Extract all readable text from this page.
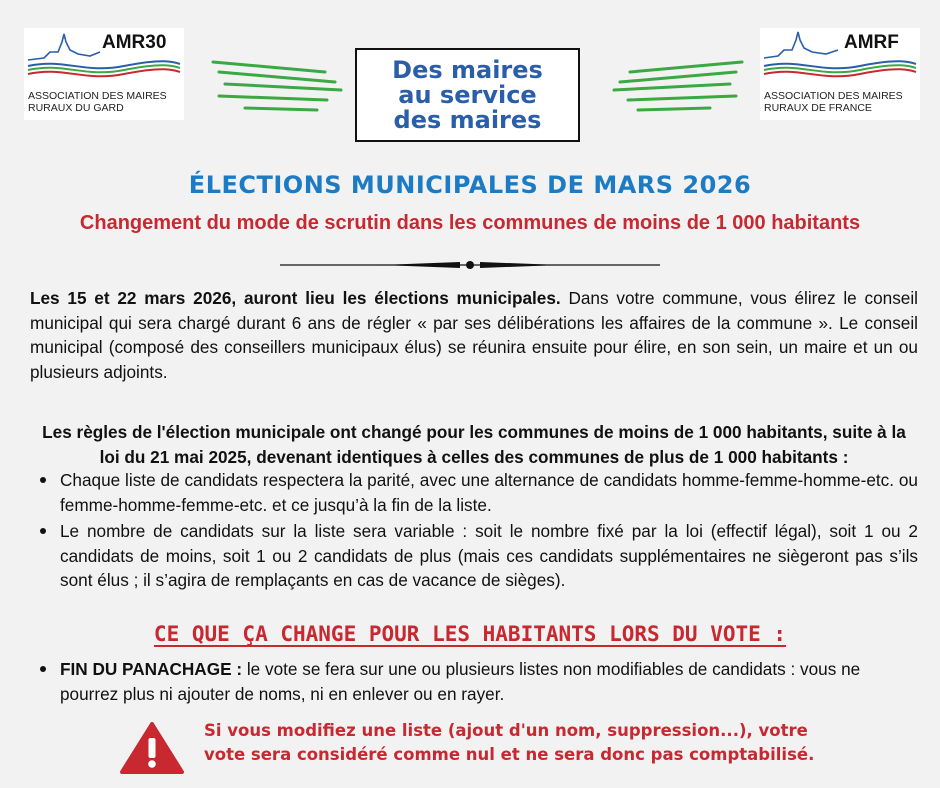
AMR30
ASSOCIATION DES MAIRES
RURAUX DU GARD
Des maires
au service
des maires
AMRF
ASSOCIATION DES MAIRES
RURAUX DE FRANCE
ÉLECTIONS MUNICIPALES DE MARS 2026
Changement du mode de scrutin dans les communes de moins de 1 000 habitants
Les 15 et 22 mars 2026, auront lieu les élections municipales. Dans votre commune, vous élirez le conseil municipal qui sera chargé durant 6 ans de régler « par ses délibérations les affaires de la commune ». Le conseil municipal (composé des conseillers municipaux élus) se réunira ensuite pour élire, en son sein, un maire et un ou plusieurs adjoints.
Les règles de l'élection municipale ont changé pour les communes de moins de 1 000 habitants, suite à la loi du 21 mai 2025, devenant identiques à celles des communes de plus de 1 000 habitants :
Chaque liste de candidats respectera la parité, avec une alternance de candidats homme-femme-homme-etc. ou femme-homme-femme-etc. et ce jusqu’à la fin de la liste.
Le nombre de candidats sur la liste sera variable : soit le nombre fixé par la loi (effectif légal), soit 1 ou 2 candidats de moins, soit 1 ou 2 candidats de plus (mais ces candidats supplémentaires ne siègeront pas s’ils sont élus ; il s’agira de remplaçants en cas de vacance de sièges).
CE QUE ÇA CHANGE POUR LES HABITANTS LORS DU VOTE :
FIN DU PANACHAGE : le vote se fera sur une ou plusieurs listes non modifiables de candidats : vous ne pourrez plus ni ajouter de noms, ni en enlever ou en rayer.
Si vous modifiez une liste (ajout d'un nom, suppression...), votre
vote sera considéré comme nul et ne sera donc pas comptabilisé.
